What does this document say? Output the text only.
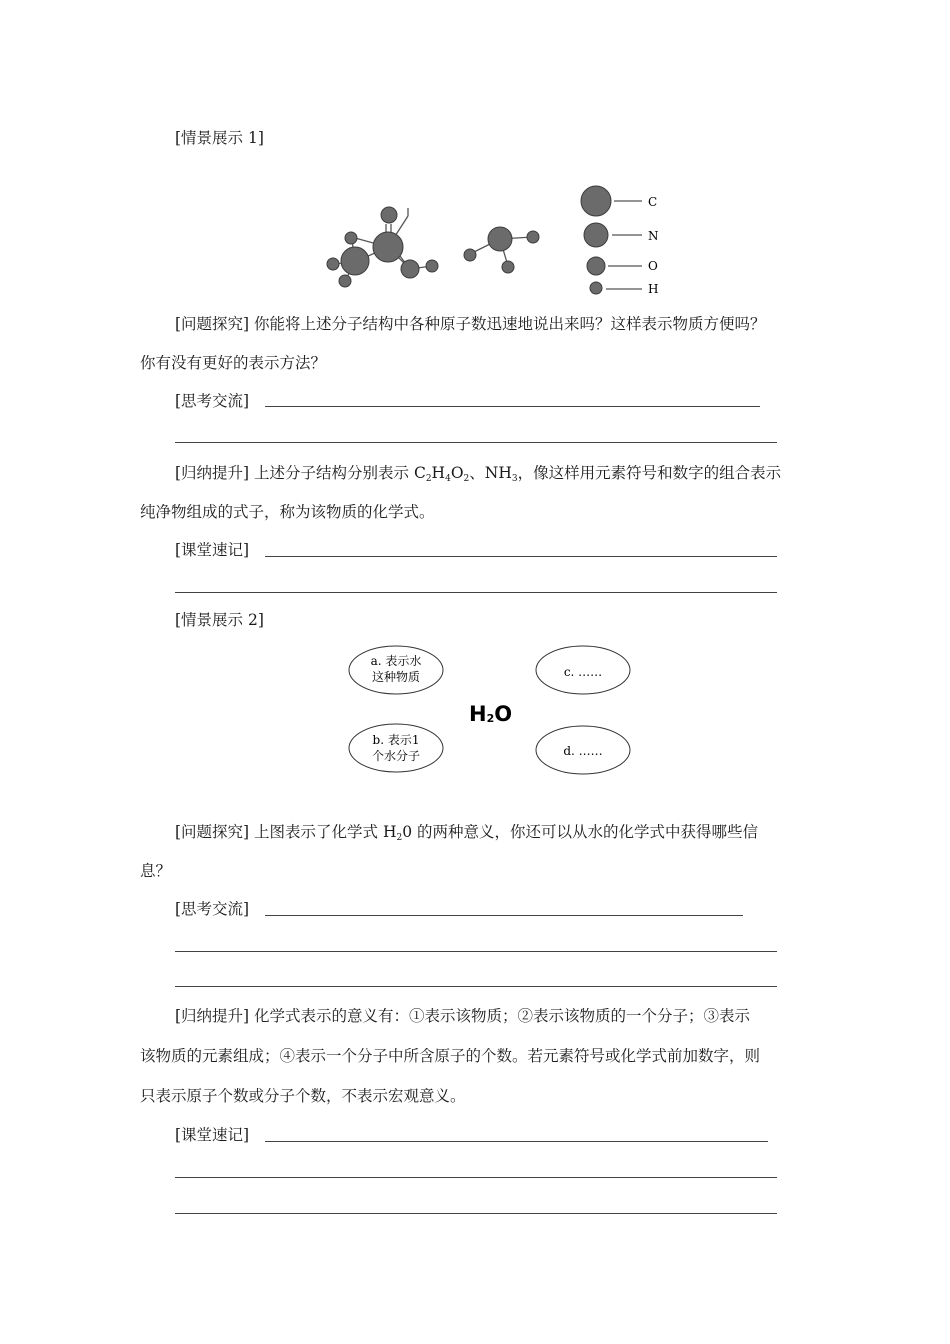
[情景展示 1]
C
N
O
H
[问题探究] 你能将上述分子结构中各种原子数迅速地说出来吗？这样表示物质方便吗？
你有没有更好的表示方法？
[思考交流]
[归纳提升] 上述分子结构分别表示 $C_2H_4O_2$、$NH_3$，像这样用元素符号和数字的组合表示
纯净物组成的式子，称为该物质的化学式。
[课堂速记]
[情景展示 2]
a. 表示水
这种物质	c. ……
b. 表示1
个水分子	d. ……
H2O
[问题探究] 上图表示了化学式 $H_20$ 的两种意义，你还可以从水的化学式中获得哪些信
息？
[思考交流]
[归纳提升] 化学式表示的意义有：①表示该物质；②表示该物质的一个分子；③表示
该物质的元素组成；④表示一个分子中所含原子的个数。若元素符号或化学式前加数字，则
只表示原子个数或分子个数，不表示宏观意义。
[课堂速记]
